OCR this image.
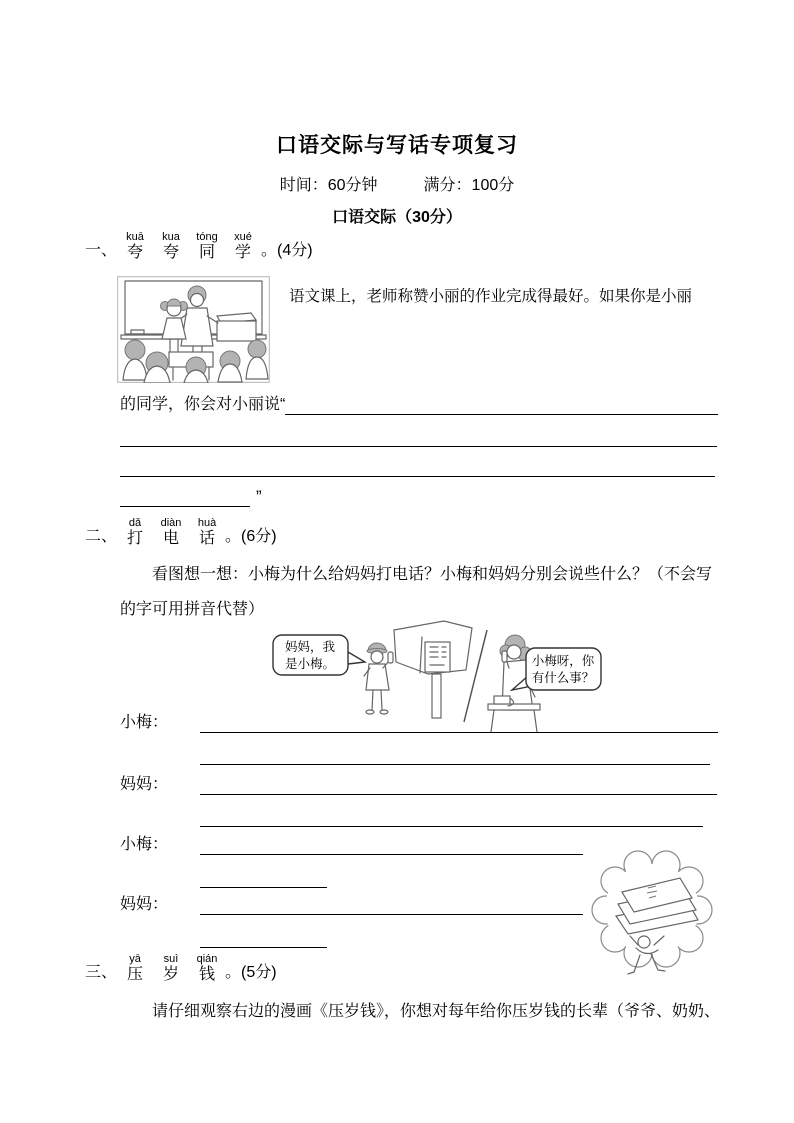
口语交际与写话专项复习
时间：60分钟	满分：100分
口语交际（30分）
一、
kuā
夸
kua
夸
tóng
同
xué
学 。(4分)
语文课上，老师称赞小丽的作业完成得最好。如果你是小丽
的同学，你会对小丽说“
”
二、
dǎ
打
diàn
电
huà
话 。(6分)
看图想一想：小梅为什么给妈妈打电话？小梅和妈妈分别会说些什么？（不会写
的字可用拼音代替）
妈妈，我
是小梅。	小梅呀，你
有什么事？
小梅：
妈妈：
小梅：
妈妈：
三、
yā
压
suì
岁
qián
钱 。(5分)
请仔细观察右边的漫画《压岁钱》，你想对每年给你压岁钱的长辈（爷爷、奶奶、
